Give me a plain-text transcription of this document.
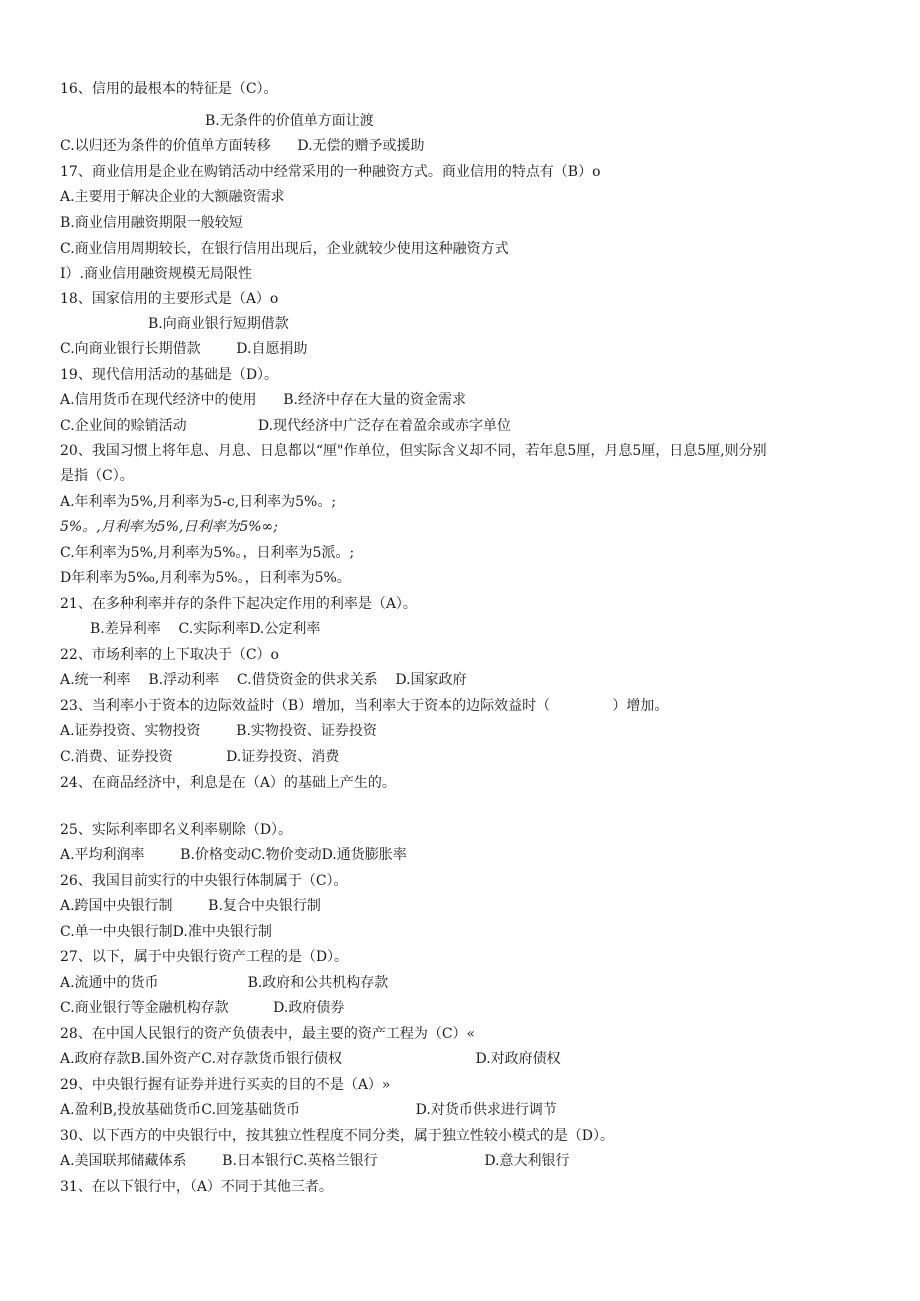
16、信用的最根本的特征是（C）。
B.无条件的价值单方面让渡
C.以归还为条件的价值单方面转移      D.无偿的赠予或援助
17、商业信用是企业在购销活动中经常采用的一种融资方式。商业信用的特点有（B）o
A.主要用于解决企业的大额融资需求
B.商业信用融资期限一般较短
C.商业信用周期较长，在银行信用出现后，企业就较少使用这种融资方式
I）.商业信用融资规模无局限性
18、国家信用的主要形式是（A）o
B.向商业银行短期借款
C.向商业银行长期借款        D.自愿捐助
19、现代信用活动的基础是（D）。
A.信用货币在现代经济中的使用      B.经济中存在大量的资金需求
C.企业间的赊销活动                D.现代经济中广泛存在着盈余或赤字单位
20、我国习惯上将年息、月息、日息都以“厘"作单位，但实际含义却不同，若年息5厘，月息5厘，日息5厘,则分别
是指（C）。
A.年利率为5%,月利率为5-c,日利率为5%。;
5%。,月利率为5%,日利率为5%∞;
C.年利率为5%,月利率为5%。，日利率为5派。;
D年利率为5‰,月利率为5%。，日利率为5%。
21、在多种利率并存的条件下起决定作用的利率是（A）。
B.差异利率    C.实际利率D.公定利率
22、市场利率的上下取决于（C）o
A.统一利率    B.浮动利率    C.借贷资金的供求关系    D.国家政府
23、当利率小于资本的边际效益时（B）增加，当利率大于资本的边际效益时（              ）增加。
A.证券投资、实物投资        B.实物投资、证券投资
C.消费、证券投资            D.证券投资、消费
24、在商品经济中，利息是在（A）的基础上产生的。
25、实际利率即名义利率剔除（D）。
A.平均利润率        B.价格变动C.物价变动D.通货膨胀率
26、我国目前实行的中央银行体制属于（C）。
A.跨国中央银行制        B.复合中央银行制
C.单一中央银行制D.准中央银行制
27、以下，属于中央银行资产工程的是（D）。
A.流通中的货币                    B.政府和公共机构存款
C.商业银行等金融机构存款          D.政府债券
28、在中国人民银行的资产负债表中，最主要的资产工程为（C）«
A.政府存款B.国外资产C.对存款货币银行债权                              D.对政府债权
29、中央银行握有证券并进行买卖的目的不是（A）»
A.盈利B,投放基础货币C.回笼基础货币                          D.对货币供求进行调节
30、以下西方的中央银行中，按其独立性程度不同分类，属于独立性较小模式的是（D）。
A.美国联邦储藏体系        B.日本银行C.英格兰银行                        D.意大利银行
31、在以下银行中，（A）不同于其他三者。
